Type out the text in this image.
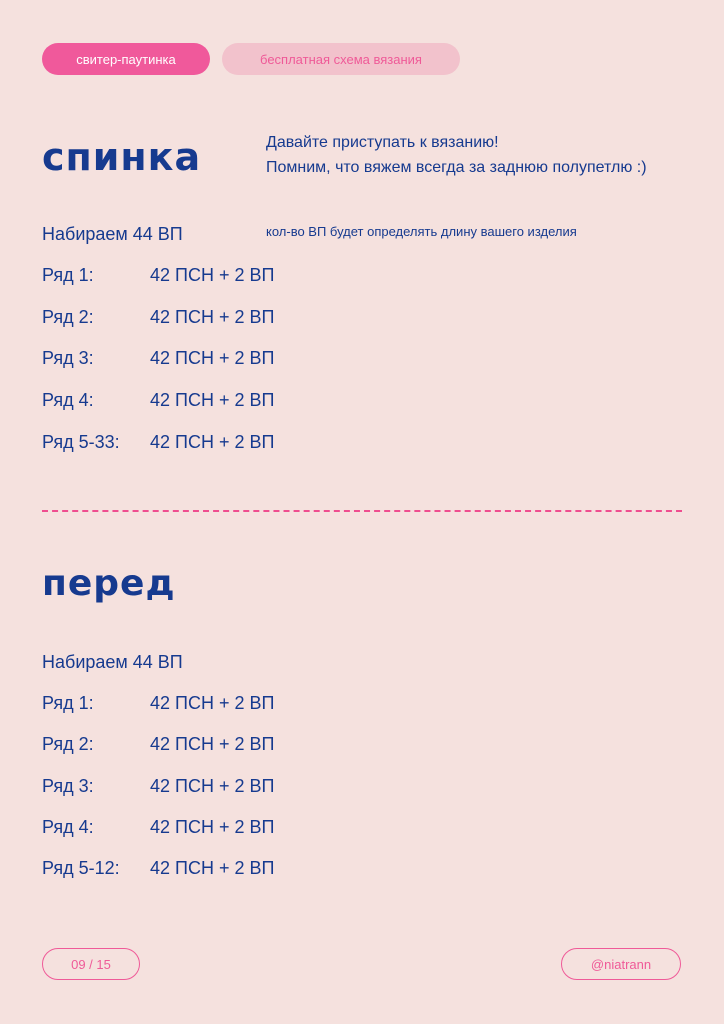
свитер-паутинка	бесплатная схема вязания
спинка	Давайте приступать к вязанию!
Помним, что вяжем всегда за заднюю полупетлю :)
Набираем 44 ВП	кол-во ВП будет определять длину вашего изделия
Ряд 1:	42 ПСН + 2 ВП
Ряд 2:	42 ПСН + 2 ВП
Ряд 3:	42 ПСН + 2 ВП
Ряд 4:	42 ПСН + 2 ВП
Ряд 5-33: 42 ПСН + 2 ВП
перед
Набираем 44 ВП
Ряд 1:	42 ПСН + 2 ВП
Ряд 2:	42 ПСН + 2 ВП
Ряд 3:	42 ПСН + 2 ВП
Ряд 4:	42 ПСН + 2 ВП
Ряд 5-12: 42 ПСН + 2 ВП
09 / 15	@niatrann
